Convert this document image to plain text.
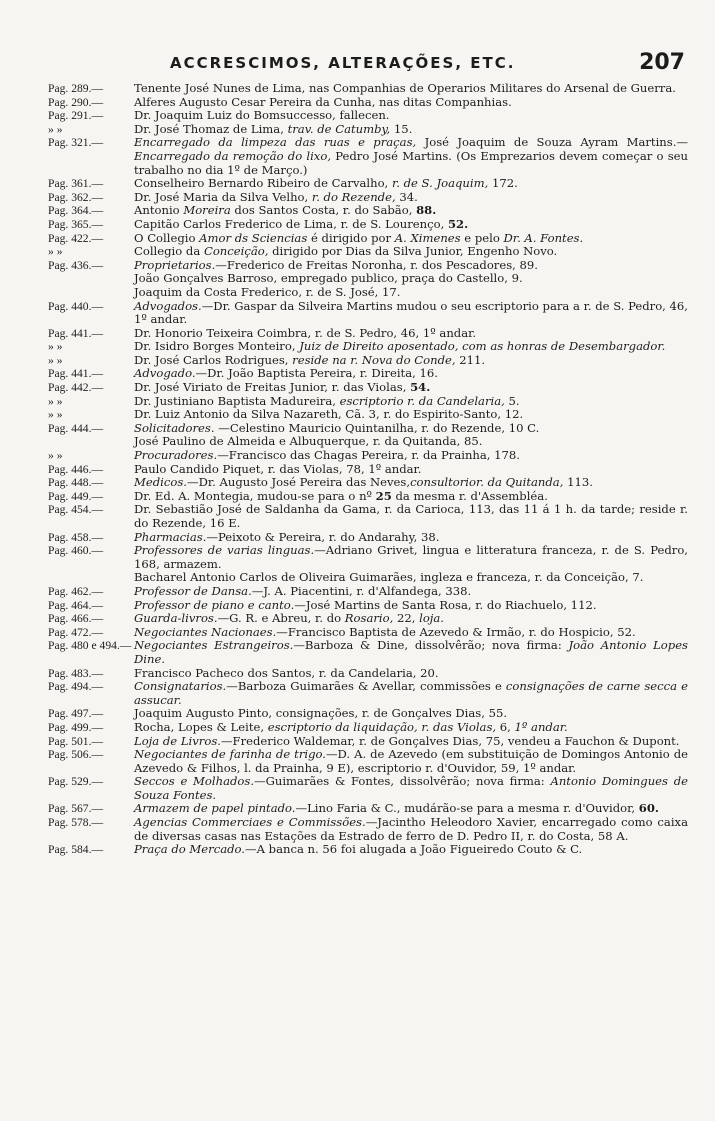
ACCRESCIMOS, ALTERAÇÕES, ETC.	207
Pag. 289.—	Tenente José Nunes de Lima, nas Companhias de Operarios Militares do Arsenal de Guerra.
Pag. 290.—	Alferes Augusto Cesar Pereira da Cunha, nas ditas Companhias.
Pag. 291.—	Dr. Joaquim Luiz do Bomsuccesso, fallecen.
» »	Dr. José Thomaz de Lima, trav. de Catumby, 15.
Pag. 321.—	Encarregado da limpeza das ruas e praças, José Joaquim de Souza Ayram Martins.—Encarregado da remoção do lixo, Pedro José Martins. (Os Emprezarios devem começar o seu trabalho no dia 1º de Março.)
Pag. 361.—	Conselheiro Bernardo Ribeiro de Carvalho, r. de S. Joaquim, 172.
Pag. 362.—	Dr. José Maria da Silva Velho, r. do Rezende, 34.
Pag. 364.—	Antonio Moreira dos Santos Costa, r. do Sabão, 88.
Pag. 365.—	Capitão Carlos Frederico de Lima, r. de S. Lourenço, 52.
Pag. 422.—	O Collegio Amor ds Sciencias é dirigido por A. Ximenes e pelo Dr. A. Fontes.
» »	Collegio da Conceição, dirigido por Dias da Silva Junior, Engenho Novo.
Pag. 436.—	Proprietarios.—Frederico de Freitas Noronha, r. dos Pescadores, 89.
João Gonçalves Barroso, empregado publico, praça do Castello, 9.
Joaquim da Costa Frederico, r. de S. José, 17.
Pag. 440.—	Advogados.—Dr. Gaspar da Silveira Martins mudou o seu escriptorio para a r. de S. Pedro, 46, 1º andar.
Pag. 441.—	Dr. Honorio Teixeira Coimbra, r. de S. Pedro, 46, 1º andar.
» »	Dr. Isidro Borges Monteiro, Juiz de Direito aposentado, com as honras de Desembargador.
» »	Dr. José Carlos Rodrigues, reside na r. Nova do Conde, 211.
Pag. 441.—	Advogado.—Dr. João Baptista Pereira, r. Direita, 16.
Pag. 442.—	Dr. José Viriato de Freitas Junior, r. das Violas, 54.
» »	Dr. Justiniano Baptista Madureira, escriptorio r. da Candelaria, 5.
» »	Dr. Luiz Antonio da Silva Nazareth, Cã. 3, r. do Espirito-Santo, 12.
Pag. 444.—	Solicitadores. —Celestino Mauricio Quintanilha, r. do Rezende, 10 C.
José Paulino de Almeida e Albuquerque, r. da Quitanda, 85.
» »	Procuradores.—Francisco das Chagas Pereira, r. da Prainha, 178.
Pag. 446.—	Paulo Candido Piquet, r. das Violas, 78, 1º andar.
Pag. 448.—	Medicos.—Dr. Augusto José Pereira das Neves,consultorior. da Quitanda, 113.
Pag. 449.—	Dr. Ed. A. Montegia, mudou-se para o nº 25 da mesma r. d'Assembléa.
Pag. 454.—	Dr. Sebastião José de Saldanha da Gama, r. da Carioca, 113, das 11 á 1 h. da tarde; reside r. do Rezende, 16 E.
Pag. 458.—	Pharmacias.—Peixoto & Pereira, r. do Andarahy, 38.
Pag. 460.—	Professores de varias linguas.—Adriano Grivet, lingua e litteratura franceza, r. de S. Pedro, 168, armazem.
Bacharel Antonio Carlos de Oliveira Guimarães, ingleza e franceza, r. da Conceição, 7.
Pag. 462.—	Professor de Dansa.—J. A. Piacentini, r. d'Alfandega, 338.
Pag. 464.—	Professor de piano e canto.—José Martins de Santa Rosa, r. do Riachuelo, 112.
Pag. 466.—	Guarda-livros.—G. R. e Abreu, r. do Rosario, 22, loja.
Pag. 472.—	Negociantes Nacionaes.—Francisco Baptista de Azevedo & Irmão, r. do Hospicio, 52.
Pag. 480 e 494.— Negociantes Estrangeiros.—Barboza & Dine, dissolvêrão; nova firma: João Antonio Lopes Dine.
Pag. 483.—	Francisco Pacheco dos Santos, r. da Candelaria, 20.
Pag. 494.—	Consignatarios.—Barboza Guimarães & Avellar, commissões e consignações de carne secca e assucar.
Pag. 497.—	Joaquim Augusto Pinto, consignações, r. de Gonçalves Dias, 55.
Pag. 499.—	Rocha, Lopes & Leite, escriptorio da liquidação, r. das Violas, 6, 1º andar.
Pag. 501.—	Loja de Livros.—Frederico Waldemar, r. de Gonçalves Dias, 75, vendeu a Fauchon & Dupont.
Pag. 506.—	Negociantes de farinha de trigo.—D. A. de Azevedo (em substituição de Domingos Antonio de Azevedo & Filhos, l. da Prainha, 9 E), escriptorio r. d'Ouvidor, 59, 1º andar.
Pag. 529.—	Seccos e Molhados.—Guimarães & Fontes, dissolvêrão; nova firma: Antonio Domingues de Souza Fontes.
Pag. 567.—	Armazem de papel pintado.—Lino Faria & C., mudárão-se para a mesma r. d'Ouvidor, 60.
Pag. 578.—	Agencias Commerciaes e Commissões.—Jacintho Heleodoro Xavier, encarregado como caixa de diversas casas nas Estações da Estrado de ferro de D. Pedro II, r. do Costa, 58 A.
Pag. 584.—	Praça do Mercado.—A banca n. 56 foi alugada a João Figueiredo Couto & C.
